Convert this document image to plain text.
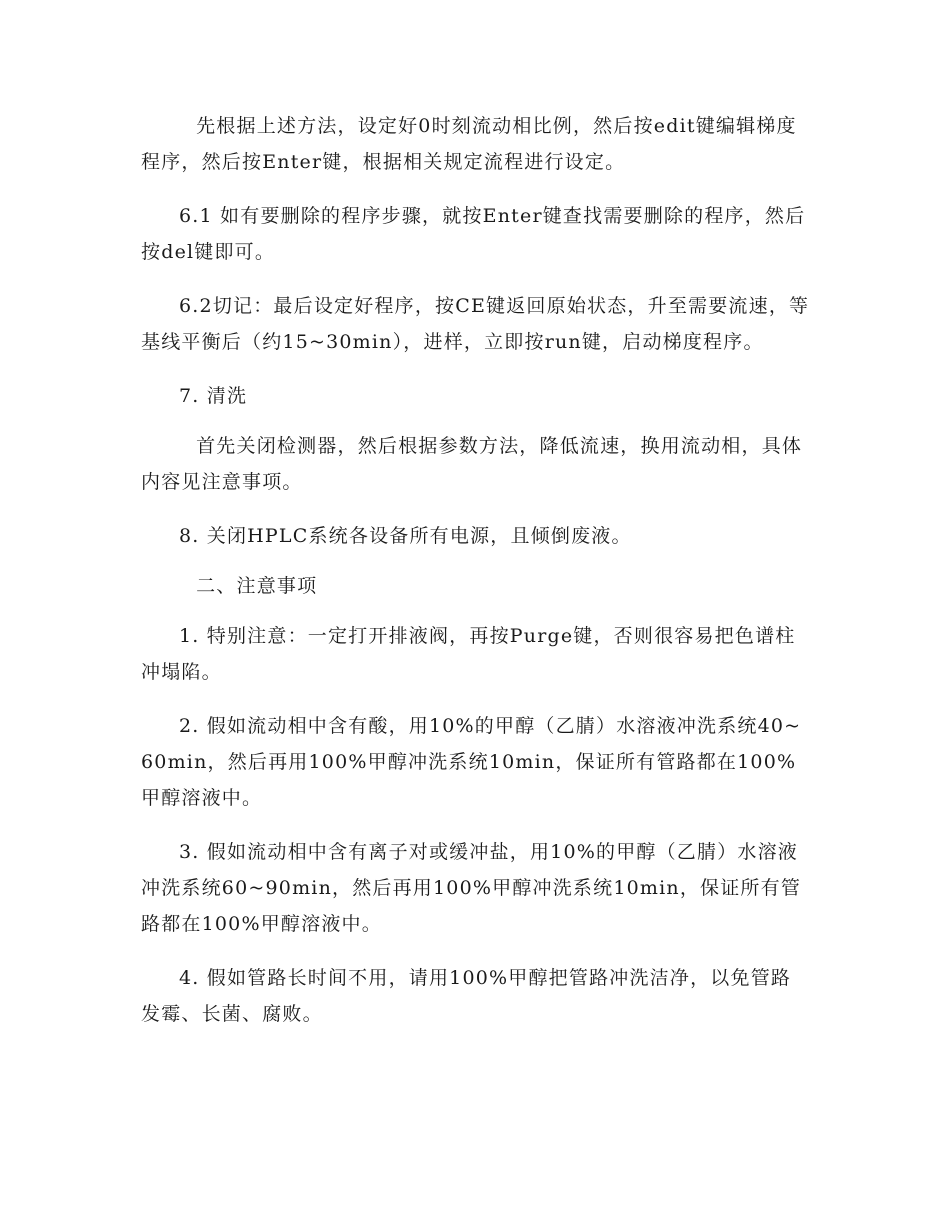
先根据上述方法，设定好0时刻流动相比例，然后按edit键编辑梯度程序，然后按Enter键，根据相关规定流程进行设定。

6.1 如有要删除的程序步骤，就按Enter键查找需要删除的程序，然后按del键即可。

6.2切记：最后设定好程序，按CE键返回原始状态，升至需要流速，等基线平衡后（约15~30min），进样，立即按run键，启动梯度程序。

7. 清洗

首先关闭检测器，然后根据参数方法，降低流速，换用流动相，具体内容见注意事项。

8. 关闭HPLC系统各设备所有电源，且倾倒废液。

二、注意事项

1. 特别注意：一定打开排液阀，再按Purge键，否则很容易把色谱柱冲塌陷。

2. 假如流动相中含有酸，用10%的甲醇（乙腈）水溶液冲洗系统40~60min，然后再用100%甲醇冲洗系统10min，保证所有管路都在100%甲醇溶液中。

3. 假如流动相中含有离子对或缓冲盐，用10%的甲醇（乙腈）水溶液冲洗系统60~90min，然后再用100%甲醇冲洗系统10min，保证所有管路都在100%甲醇溶液中。

4. 假如管路长时间不用，请用100%甲醇把管路冲洗洁净，以免管路发霉、长菌、腐败。
